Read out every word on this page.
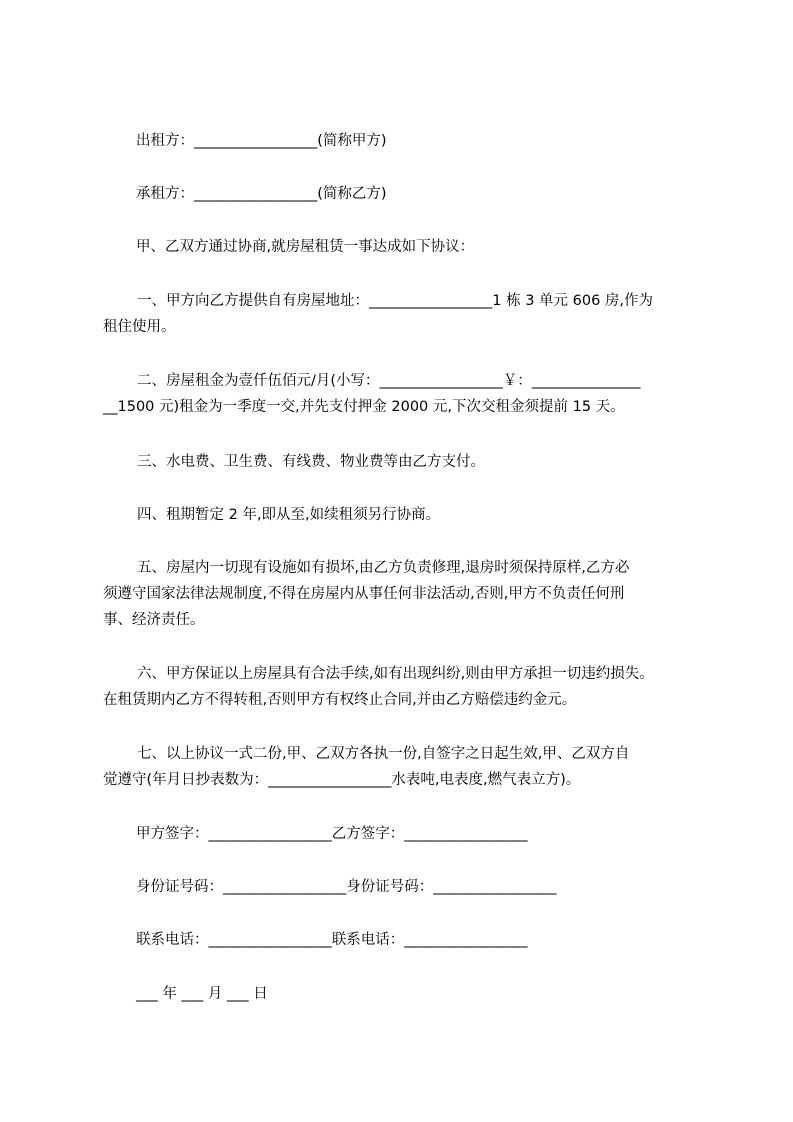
出租方：_________________(简称甲方)
承租方：_________________(简称乙方)
甲、乙双方通过协商,就房屋租赁一事达成如下协议：
一、甲方向乙方提供自有房屋地址：_________________1 栋 3 单元 606 房,作为
租住使用。
二、房屋租金为壹仟伍佰元/月(小写：_________________￥：_______________
__1500 元)租金为一季度一交,并先支付押金 2000 元,下次交租金须提前 15 天。
三、水电费、卫生费、有线费、物业费等由乙方支付。
四、租期暂定 2 年,即从至,如续租须另行协商。
五、房屋内一切现有设施如有损坏,由乙方负责修理,退房时须保持原样,乙方必
须遵守国家法律法规制度,不得在房屋内从事任何非法活动,否则,甲方不负责任何刑
事、经济责任。
六、甲方保证以上房屋具有合法手续,如有出现纠纷,则由甲方承担一切违约损失。
在租赁期内乙方不得转租,否则甲方有权终止合同,并由乙方赔偿违约金元。
七、以上协议一式二份,甲、乙双方各执一份,自签字之日起生效,甲、乙双方自
觉遵守(年月日抄表数为：_________________水表吨,电表度,燃气表立方)。
甲方签字：_________________乙方签字：_________________
身份证号码：_________________身份证号码：_________________
联系电话：_________________联系电话：_________________
___ 年 ___ 月 ___ 日
